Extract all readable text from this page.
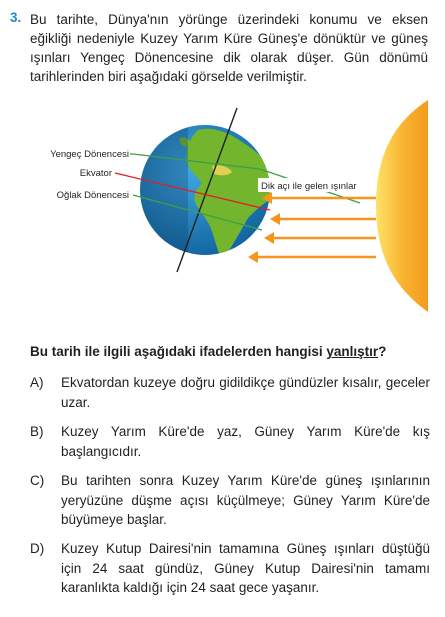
3. Bu tarihte, Dünya'nın yörünge üzerindeki konumu ve eksen eğikliği nedeniyle Kuzey Yarım Küre Güneş'e dönüktür ve güneş ışınları Yengeç Dönencesine dik olarak düşer. Gün dönümü tarihlerinden biri aşağıdaki görselde verilmiştir.

Yengeç Dönencesi
Ekvator
Oğlak Dönencesi
Dik açı ile gelen ışınlar

Bu tarih ile ilgili aşağıdaki ifadelerden hangisi yanlıştır?

A)	Ekvatordan kuzeye doğru gidildikçe gündüzler kısalır, geceler uzar.
B)	Kuzey Yarım Küre'de yaz, Güney Yarım Küre'de kış başlangıcıdır.
C)	Bu tarihten sonra Kuzey Yarım Küre'de güneş ışınlarının yeryüzüne düşme açısı küçülmeye; Güney Yarım Küre'de büyümeye başlar.
D)	Kuzey Kutup Dairesi'nin tamamına Güneş ışınları düştüğü için 24 saat gündüz, Güney Kutup Dairesi'nin tamamı karanlıkta kaldığı için 24 saat gece yaşanır.
